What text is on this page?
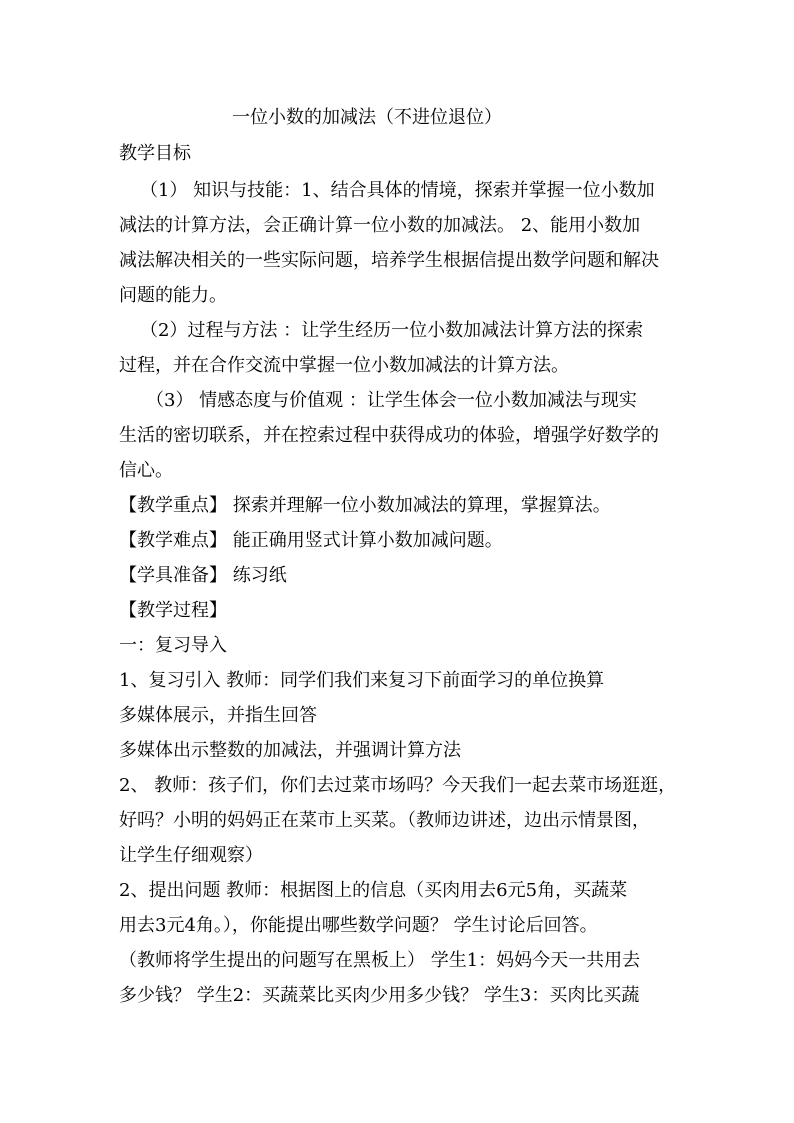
一位小数的加减法（不进位退位）
教学目标
（1） 知识与技能：1、结合具体的情境，探索并掌握一位小数加
减法的计算方法，会正确计算一位小数的加减法。 2、能用小数加
减法解决相关的一些实际问题，培养学生根据信提出数学问题和解决
问题的能力。
（2）过程与方法 ：让学生经历一位小数加减法计算方法的探索
过程，并在合作交流中掌握一位小数加减法的计算方法。
（3） 情感态度与价值观 ：让学生体会一位小数加减法与现实
生活的密切联系，并在控索过程中获得成功的体验，增强学好数学的
信心。
【教学重点】 探索并理解一位小数加减法的算理，掌握算法。
【教学难点】 能正确用竖式计算小数加减问题。
【学具准备】 练习纸
【教学过程】
一：复习导入
1、复习引入 教师：同学们我们来复习下前面学习的单位换算
多媒体展示，并指生回答
多媒体出示整数的加减法，并强调计算方法
2、 教师：孩子们，你们去过菜市场吗？今天我们一起去菜市场逛逛，
好吗？小明的妈妈正在菜市上买菜。（教师边讲述，边出示情景图，
让学生仔细观察）
2、提出问题 教师：根据图上的信息（买肉用去6元5角，买蔬菜
用去3元4角。），你能提出哪些数学问题？ 学生讨论后回答。
（教师将学生提出的问题写在黑板上） 学生1：妈妈今天一共用去
多少钱？ 学生2：买蔬菜比买肉少用多少钱？ 学生3：买肉比买蔬
